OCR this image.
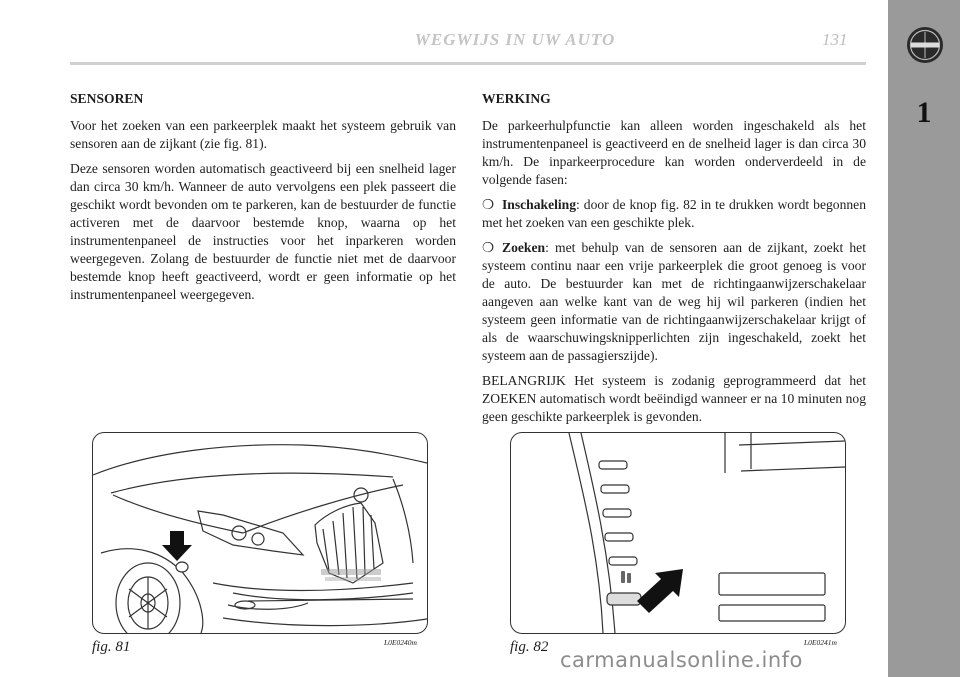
WEGWIJS IN UW AUTO	131
1

SENSOREN

Voor het zoeken van een parkeerplek maakt het systeem gebruik van sensoren aan de zijkant (zie fig. 81).

Deze sensoren worden automatisch geactiveerd bij een snelheid lager dan circa 30 km/h. Wanneer de auto vervolgens een plek passeert die geschikt wordt bevonden om te parkeren, kan de bestuurder de functie activeren met de daarvoor bestemde knop, waarna op het instrumentenpaneel de instructies voor het inparkeren worden weergegeven. Zolang de bestuurder de functie niet met de daarvoor bestemde knop heeft geactiveerd, wordt er geen informatie op het instrumentenpaneel weergegeven.

WERKING

De parkeerhulpfunctie kan alleen worden ingeschakeld als het instrumentenpaneel is geactiveerd en de snelheid lager is dan circa 30 km/h. De inparkeerprocedure kan worden onderverdeeld in de volgende fasen:

❍ Inschakeling: door de knop fig. 82 in te drukken wordt begonnen met het zoeken van een geschikte plek.

❍ Zoeken: met behulp van de sensoren aan de zijkant, zoekt het systeem continu naar een vrije parkeerplek die groot genoeg is voor de auto. De bestuurder kan met de richtingaanwijzerschakelaar aangeven aan welke kant van de weg hij wil parkeren (indien het systeem geen informatie van de richtingaanwijzerschakelaar krijgt of als de waarschuwingsknipperlichten zijn ingeschakeld, zoekt het systeem aan de passagierszijde).

BELANGRIJK Het systeem is zodanig geprogrammeerd dat het ZOEKEN automatisch wordt beëindigd wanneer er na 10 minuten nog geen geschikte parkeerplek is gevonden.

fig. 81	L0E0240m	fig. 82	L0E0241m
carmanualsonline.info
